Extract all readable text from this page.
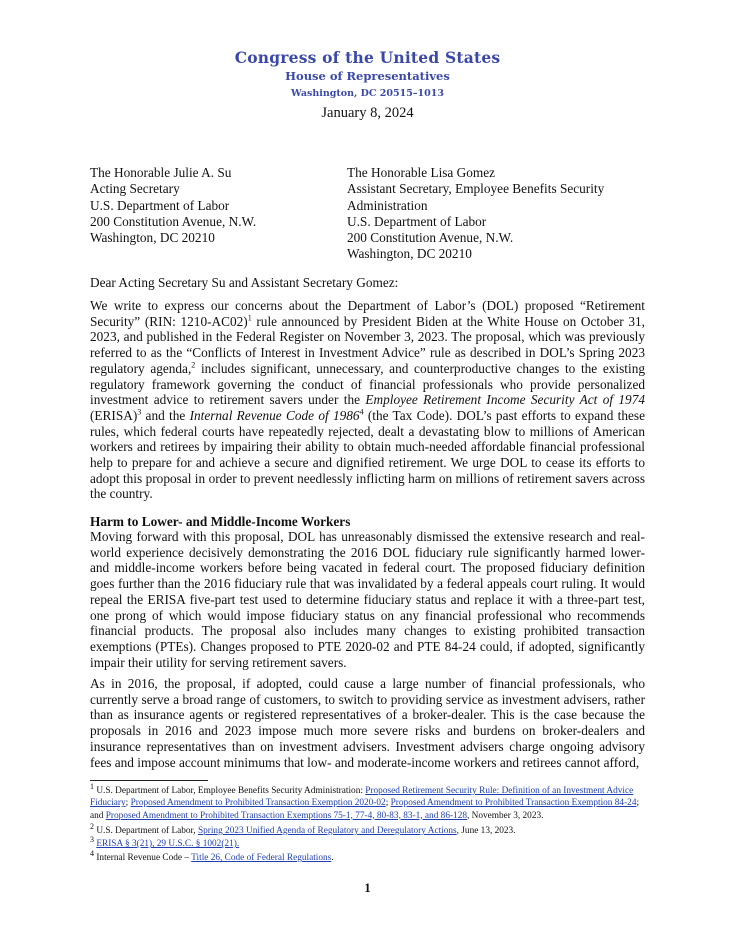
Congress of the United States
House of Representatives
Washington, DC 20515–1013
January 8, 2024
The Honorable Julie A. Su
Acting Secretary
U.S. Department of Labor
200 Constitution Avenue, N.W.
Washington, DC 20210
The Honorable Lisa Gomez
Assistant Secretary, Employee Benefits Security
Administration
U.S. Department of Labor
200 Constitution Avenue, N.W.
Washington, DC 20210
Dear Acting Secretary Su and Assistant Secretary Gomez:
We write to express our concerns about the Department of Labor’s (DOL) proposed “Retirement Security” (RIN: 1210-AC02)$^1$ rule announced by President Biden at the White House on October 31, 2023, and published in the Federal Register on November 3, 2023. The proposal, which was previously referred to as the “Conflicts of Interest in Investment Advice” rule as described in DOL’s Spring 2023 regulatory agenda,$^2$ includes significant, unnecessary, and counterproductive changes to the existing regulatory framework governing the conduct of financial professionals who provide personalized investment advice to retirement savers under the Employee Retirement Income Security Act of 1974 (ERISA)$^3$ and the Internal Revenue Code of 1986$^4$ (the Tax Code). DOL’s past efforts to expand these rules, which federal courts have repeatedly rejected, dealt a devastating blow to millions of American workers and retirees by impairing their ability to obtain much-needed affordable financial professional help to prepare for and achieve a secure and dignified retirement. We urge DOL to cease its efforts to adopt this proposal in order to prevent needlessly inflicting harm on millions of retirement savers across the country.
Harm to Lower- and Middle-Income Workers
Moving forward with this proposal, DOL has unreasonably dismissed the extensive research and real-world experience decisively demonstrating the 2016 DOL fiduciary rule significantly harmed lower- and middle-income workers before being vacated in federal court. The proposed fiduciary definition goes further than the 2016 fiduciary rule that was invalidated by a federal appeals court ruling. It would repeal the ERISA five-part test used to determine fiduciary status and replace it with a three-part test, one prong of which would impose fiduciary status on any financial professional who recommends financial products. The proposal also includes many changes to existing prohibited transaction exemptions (PTEs). Changes proposed to PTE 2020-02 and PTE 84-24 could, if adopted, significantly impair their utility for serving retirement savers.
As in 2016, the proposal, if adopted, could cause a large number of financial professionals, who currently serve a broad range of customers, to switch to providing service as investment advisers, rather than as insurance agents or registered representatives of a broker-dealer. This is the case because the proposals in 2016 and 2023 impose much more severe risks and burdens on broker-dealers and insurance representatives than on investment advisers. Investment advisers charge ongoing advisory fees and impose account minimums that low- and moderate-income workers and retirees cannot afford,
$^1$ U.S. Department of Labor, Employee Benefits Security Administration: Proposed Retirement Security Rule: Definition of an Investment Advice Fiduciary; Proposed Amendment to Prohibited Transaction Exemption 2020-02; Proposed Amendment to Prohibited Transaction Exemption 84-24; and Proposed Amendment to Prohibited Transaction Exemptions 75-1, 77-4, 80-83, 83-1, and 86-128, November 3, 2023.
$^2$ U.S. Department of Labor, Spring 2023 Unified Agenda of Regulatory and Deregulatory Actions, June 13, 2023.
$^3$ ERISA § 3(21), 29 U.S.C. § 1002(21).
$^4$ Internal Revenue Code – Title 26, Code of Federal Regulations.
1
